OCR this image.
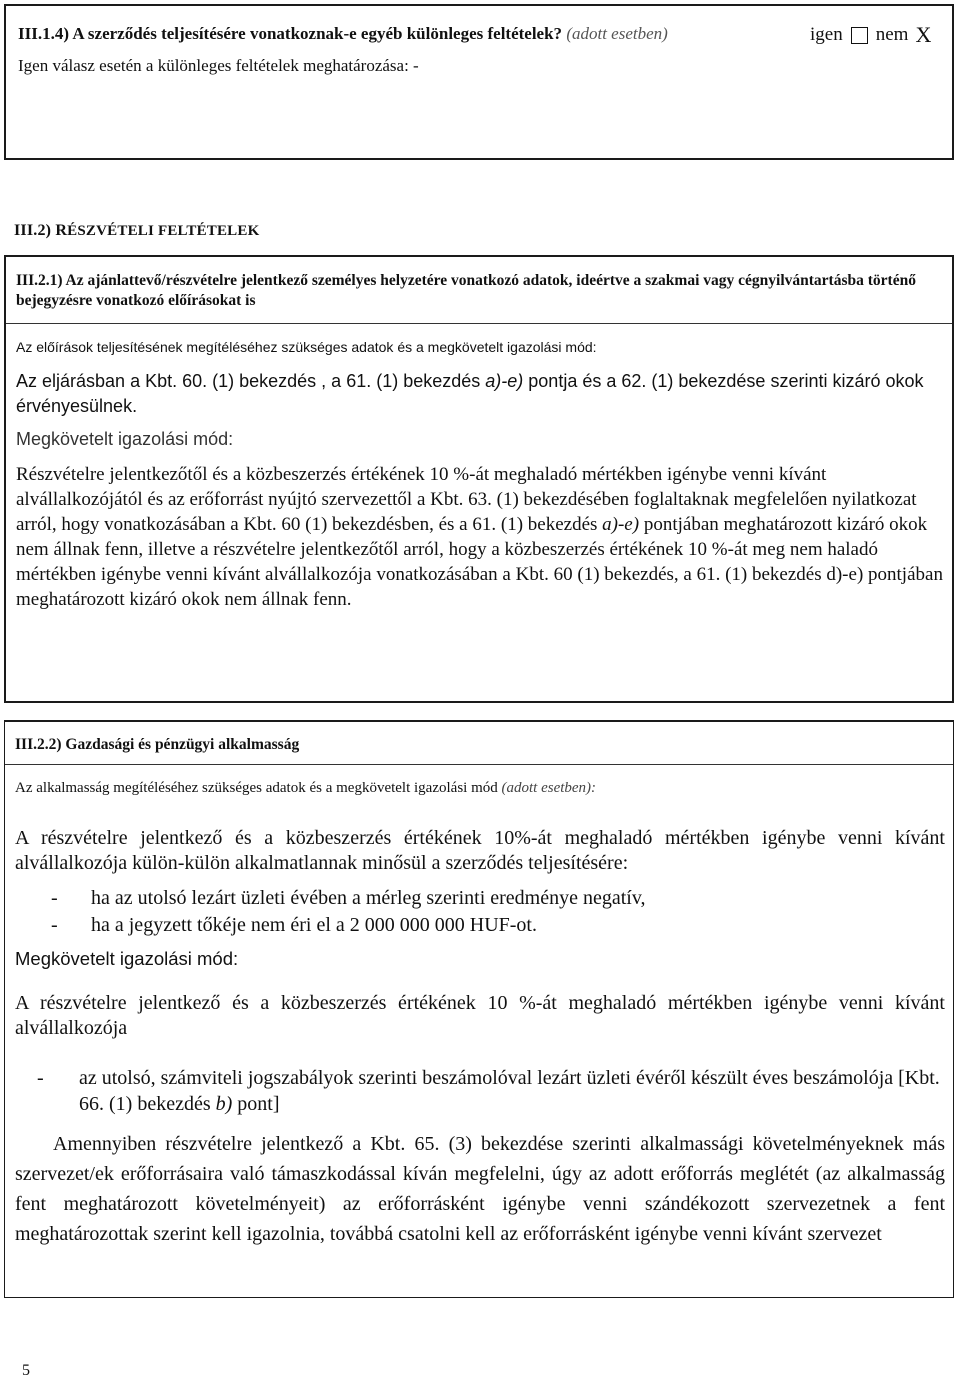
III.1.4) A szerződés teljesítésére vonatkoznak-e egyéb különleges feltételek? (adott esetben)	igen nem X
Igen válasz esetén a különleges feltételek meghatározása: -
III.2) RÉSZVÉTELI FELTÉTELEK
III.2.1) Az ajánlattevő/részvételre jelentkező személyes helyzetére vonatkozó adatok, ideértve a szakmai vagy cégnyilvántartásba történő bejegyzésre vonatkozó előírásokat is
Az előírások teljesítésének megítéléséhez szükséges adatok és a megkövetelt igazolási mód:

Az eljárásban a Kbt. 60. (1) bekezdés , a 61. (1) bekezdés a)-e) pontja és a 62. (1) bekezdése szerinti kizáró okok érvényesülnek.

Megkövetelt igazolási mód:

Részvételre jelentkezőtől és a közbeszerzés értékének 10 %-át meghaladó mértékben igénybe venni kívánt alvállalkozójától és az erőforrást nyújtó szervezettől a Kbt. 63. (1) bekezdésében foglaltaknak megfelelően nyilatkozat arról, hogy vonatkozásában a Kbt. 60 (1) bekezdésben, és a 61. (1) bekezdés a)-e) pontjában meghatározott kizáró okok nem állnak fenn, illetve a részvételre jelentkezőtől arról, hogy a közbeszerzés értékének 10 %-át meg nem haladó mértékben igénybe venni kívánt alvállalkozója vonatkozásában a Kbt. 60 (1) bekezdés, a 61. (1) bekezdés d)-e) pontjában meghatározott kizáró okok nem állnak fenn.

III.2.2) Gazdasági és pénzügyi alkalmasság
Az alkalmasság megítéléséhez szükséges adatok és a megkövetelt igazolási mód (adott esetben):

A részvételre jelentkező és a közbeszerzés értékének 10%-át meghaladó mértékben igénybe venni kívánt alvállalkozója külön-külön alkalmatlannak minősül a szerződés teljesítésére:

- ha az utolsó lezárt üzleti évében a mérleg szerinti eredménye negatív,
- ha a jegyzett tőkéje nem éri el a 2 000 000 000 HUF-ot.

Megkövetelt igazolási mód:

A részvételre jelentkező és a közbeszerzés értékének 10 %-át meghaladó mértékben igénybe venni kívánt alvállalkozója

- az utolsó, számviteli jogszabályok szerinti beszámolóval lezárt üzleti évéről készült éves beszámolója [Kbt. 66. (1) bekezdés b) pont]

Amennyiben részvételre jelentkező a Kbt. 65. (3) bekezdése szerinti alkalmassági követelményeknek más szervezet/ek erőforrásaira való támaszkodással kíván megfelelni, úgy az adott erőforrás meglétét (az alkalmasság fent meghatározott követelményeit) az erőforrásként igénybe venni szándékozott szervezetnek a fent meghatározottak szerint kell igazolnia, továbbá csatolni kell az erőforrásként igénybe venni kívánt szervezet

5
